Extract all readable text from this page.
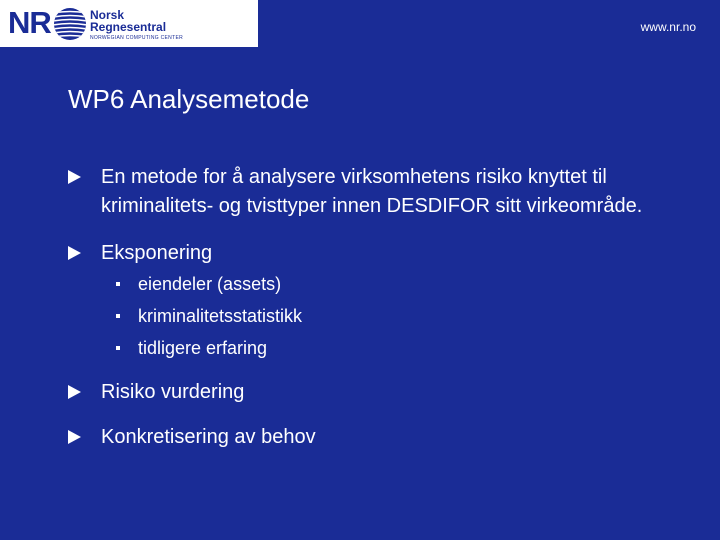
NR	Norsk
Regnesentral
NORWEGIAN COMPUTING CENTER
www.nr.no
WP6 Analysemetode
En metode for å analysere virksomhetens risiko knyttet til kriminalitets- og tvisttyper innen DESDIFOR sitt virkeområde.
Eksponering
eiendeler (assets)
kriminalitetsstatistikk
tidligere erfaring
Risiko vurdering
Konkretisering av behov
